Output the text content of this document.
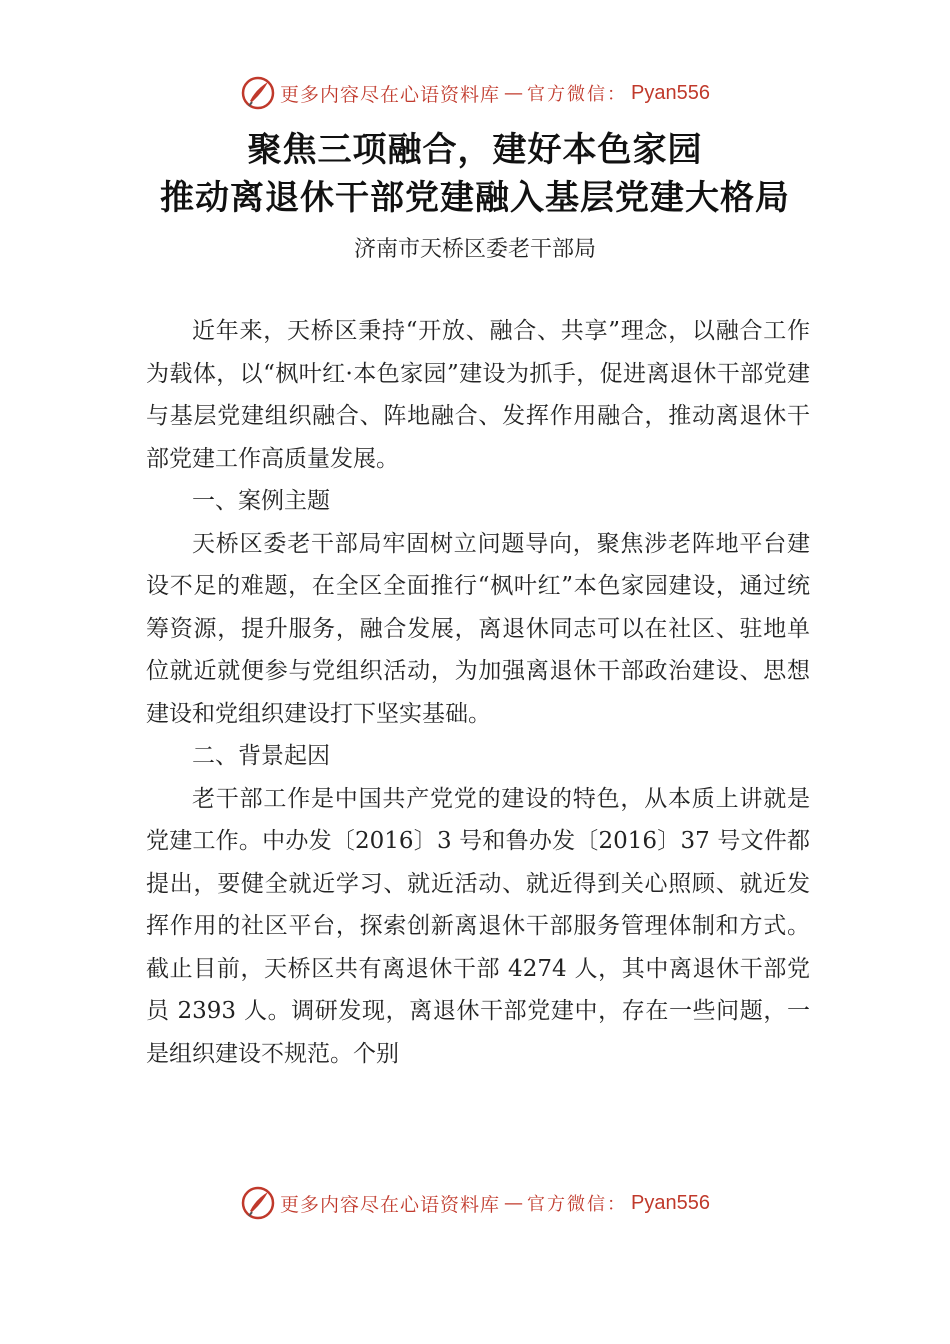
更多内容尽在心语资料库 — 官方微信： Pyan556
聚焦三项融合，建好本色家园
推动离退休干部党建融入基层党建大格局
济南市天桥区委老干部局

近年来，天桥区秉持“开放、融合、共享”理念，以融合工作为载体，以“枫叶红·本色家园”建设为抓手，促进离退休干部党建与基层党建组织融合、阵地融合、发挥作用融合，推动离退休干部党建工作高质量发展。

一、案例主题

天桥区委老干部局牢固树立问题导向，聚焦涉老阵地平台建设不足的难题，在全区全面推行“枫叶红”本色家园建设，通过统筹资源，提升服务，融合发展，离退休同志可以在社区、驻地单位就近就便参与党组织活动，为加强离退休干部政治建设、思想建设和党组织建设打下坚实基础。

二、背景起因

老干部工作是中国共产党党的建设的特色，从本质上讲就是党建工作。中办发〔2016〕3 号和鲁办发〔2016〕37 号文件都提出，要健全就近学习、就近活动、就近得到关心照顾、就近发挥作用的社区平台，探索创新离退休干部服务管理体制和方式。截止目前，天桥区共有离退休干部 4274 人，其中离退休干部党员 2393 人。调研发现，离退休干部党建中，存在一些问题，一是组织建设不规范。个别

更多内容尽在心语资料库 — 官方微信： Pyan556
